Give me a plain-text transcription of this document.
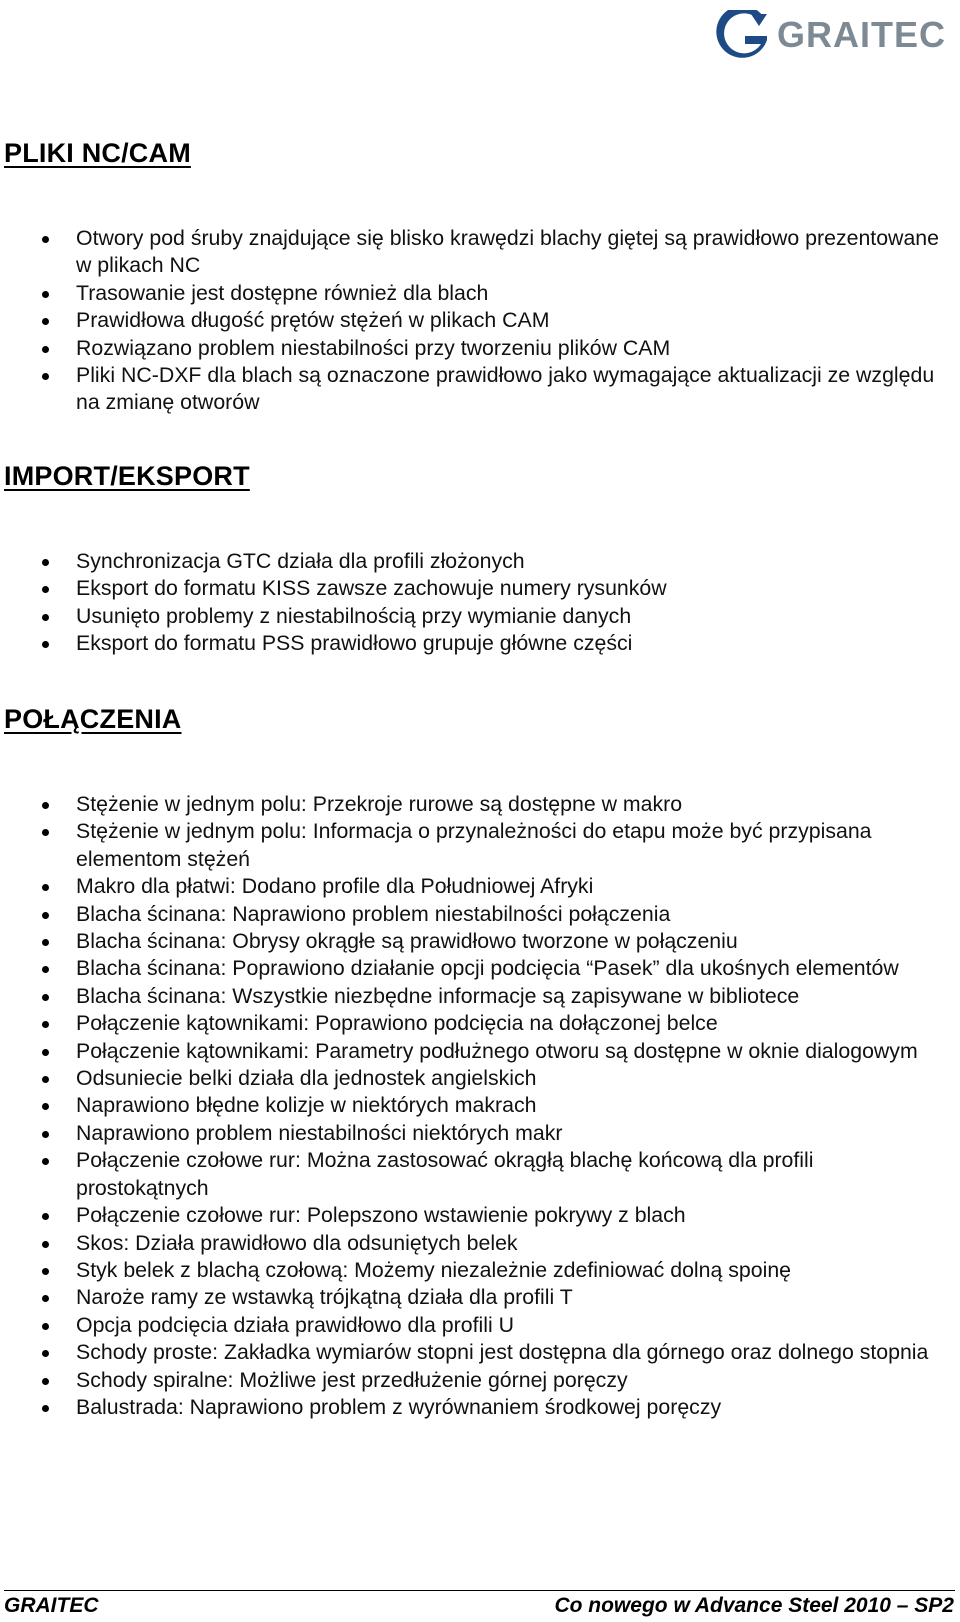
GRAITEC
PLIKI NC/CAM
Otwory pod śruby znajdujące się blisko krawędzi blachy giętej są prawidłowo prezentowane w plikach NC
Trasowanie jest dostępne również dla blach
Prawidłowa długość prętów stężeń w plikach CAM
Rozwiązano problem niestabilności przy tworzeniu plików CAM
Pliki NC-DXF dla blach są oznaczone prawidłowo jako wymagające aktualizacji ze względu na zmianę otworów
IMPORT/EKSPORT
Synchronizacja GTC działa dla profili złożonych
Eksport do formatu KISS zawsze zachowuje numery rysunków
Usunięto problemy z niestabilnością przy wymianie danych
Eksport do formatu PSS prawidłowo grupuje główne części
POŁĄCZENIA
Stężenie w jednym polu: Przekroje rurowe są dostępne w makro
Stężenie w jednym polu: Informacja o przynależności do etapu może być przypisana elementom stężeń
Makro dla płatwi: Dodano profile dla Południowej Afryki
Blacha ścinana: Naprawiono problem niestabilności połączenia
Blacha ścinana: Obrysy okrągłe są prawidłowo tworzone w połączeniu
Blacha ścinana: Poprawiono działanie opcji podcięcia “Pasek” dla ukośnych elementów
Blacha ścinana: Wszystkie niezbędne informacje są zapisywane w bibliotece
Połączenie kątownikami: Poprawiono podcięcia na dołączonej belce
Połączenie kątownikami: Parametry podłużnego otworu są dostępne w oknie dialogowym
Odsuniecie belki działa dla jednostek angielskich
Naprawiono błędne kolizje w niektórych makrach
Naprawiono problem niestabilności niektórych makr
Połączenie czołowe rur: Można zastosować okrągłą blachę końcową dla profili prostokątnych
Połączenie czołowe rur: Polepszono wstawienie pokrywy z blach
Skos: Działa prawidłowo dla odsuniętych belek
Styk belek z blachą czołową: Możemy niezależnie zdefiniować dolną spoinę
Naroże ramy ze wstawką trójkątną działa dla profili T
Opcja podcięcia działa prawidłowo dla profili U
Schody proste: Zakładka wymiarów stopni jest dostępna dla górnego oraz dolnego stopnia
Schody spiralne: Możliwe jest przedłużenie górnej poręczy
Balustrada: Naprawiono problem z wyrównaniem środkowej poręczy
GRAITEC	Co nowego w Advance Steel 2010 – SP2
